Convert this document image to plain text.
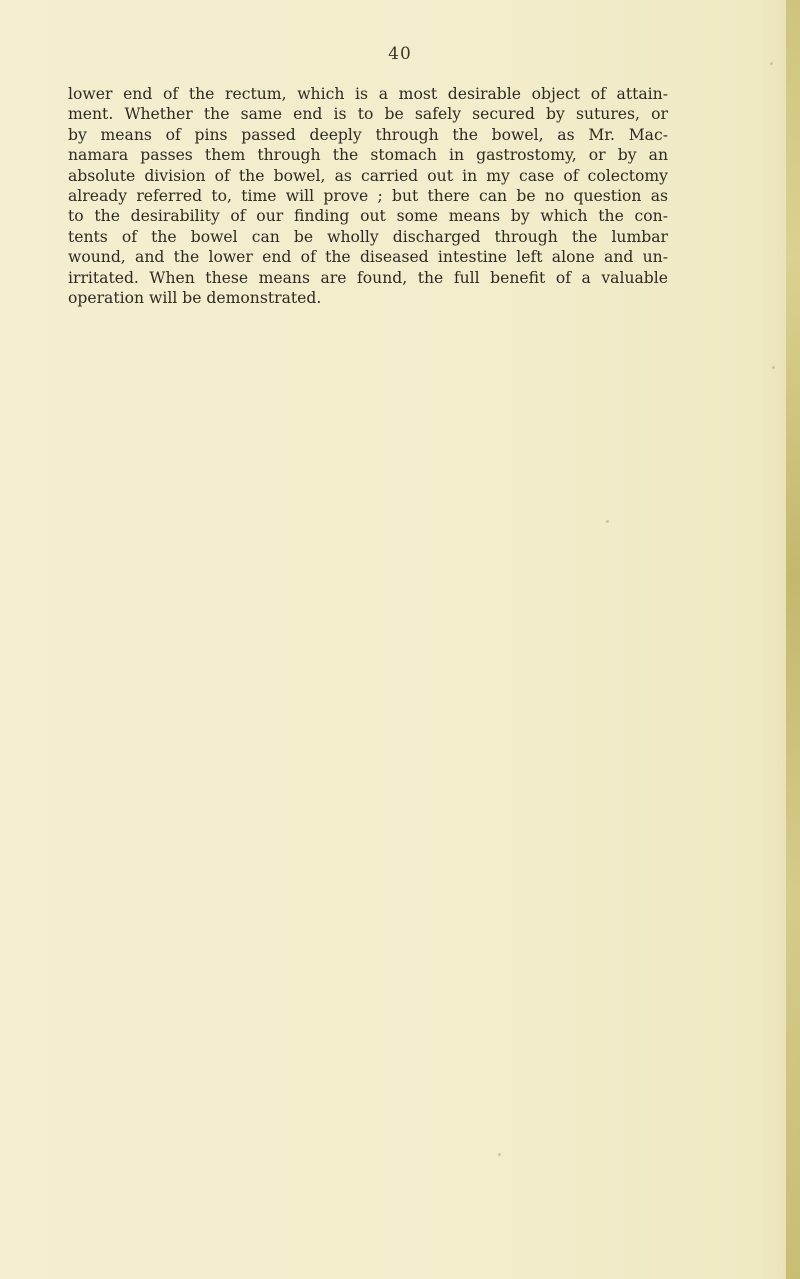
40
lower end of the rectum, which is a most desirable object of attain-
ment. Whether the same end is to be safely secured by sutures, or
by means of pins passed deeply through the bowel, as Mr. Mac-
namara passes them through the stomach in gastrostomy, or by an
absolute division of the bowel, as carried out in my case of colectomy
already referred to, time will prove ; but there can be no question as
to the desirability of our finding out some means by which the con-
tents of the bowel can be wholly discharged through the lumbar
wound, and the lower end of the diseased intestine left alone and un-
irritated. When these means are found, the full benefit of a valuable
operation will be demonstrated.
